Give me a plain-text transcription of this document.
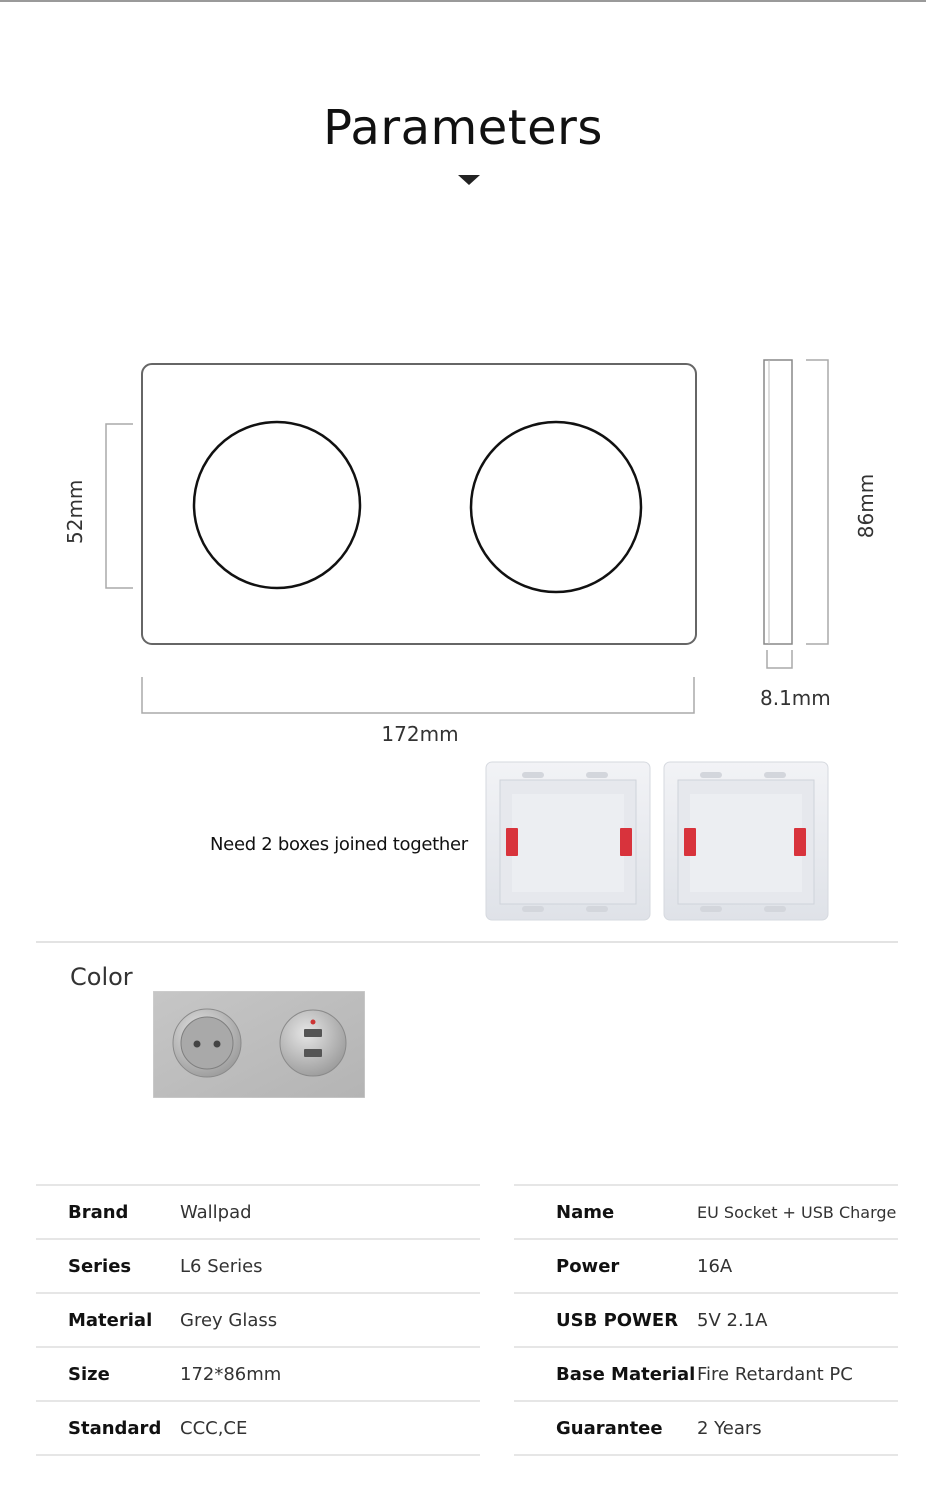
Parameters
52mm
172mm
86mm
8.1mm
Need 2 boxes joined together
Color
Brand	Wallpad
Series	L6 Series
Material	Grey Glass
Size	172*86mm
Standard	CCC,CE
Name	EU Socket + USB Charge
Power	16A
USB POWER	5V 2.1A
Base Material	Fire Retardant PC
Guarantee	2 Years
